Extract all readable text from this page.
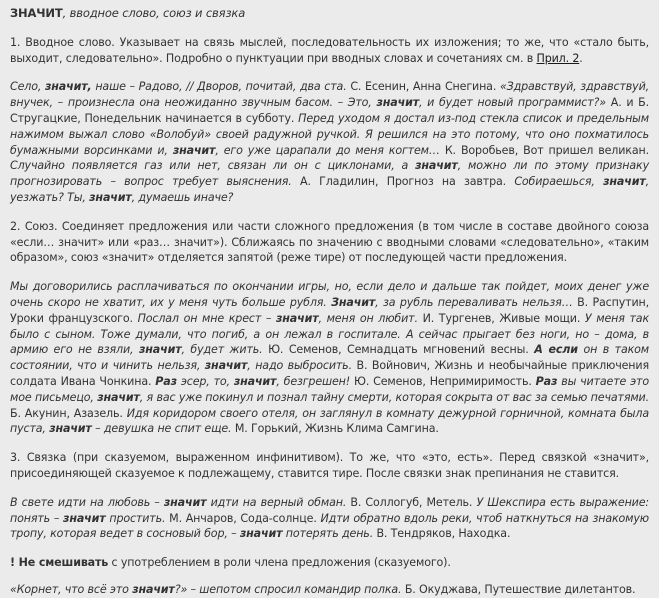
ЗНАЧИТ, вводное слово, союз и связка

1. Вводное слово. Указывает на связь мыслей, последовательность их изложения; то же, что «стало быть, выходит, следовательно». Подробно о пунктуации при вводных словах и сочетаниях см. в Прил. 2.

Село, значит, наше – Радово, // Дворов, почитай, два ста. С. Есенин, Анна Снегина. «Здравствуй, здравствуй, внучек, – произнесла она неожиданно звучным басом. – Это, значит, и будет новый программист?» А. и Б. Стругацкие, Понедельник начинается в субботу. Перед уходом я достал из-под стекла список и предельным нажимом выжал слово «Волобуй» своей радужной ручкой. Я решился на это потому, что оно похматилось бумажными ворсинками и, значит, его уже царапали до меня когтем… К. Воробьев, Вот пришел великан. Случайно появляется газ или нет, связан ли он с циклонами, а значит, можно ли по этому признаку прогнозировать – вопрос требует выяснения. А. Гладилин, Прогноз на завтра. Собираешься, значит, уезжать? Ты, значит, думаешь иначе?

2. Союз. Соединяет предложения или части сложного предложения (в том числе в составе двойного союза «если… значит» или «раз… значит»). Сближаясь по значению с вводными словами «следовательно», «таким образом», союз «значит» отделяется запятой (реже тире) от последующей части предложения.

Мы договорились расплачиваться по окончании игры, но, если дело и дальше так пойдет, моих денег уже очень скоро не хватит, их у меня чуть больше рубля. Значит, за рубль переваливать нельзя… В. Распутин, Уроки французского. Послал он мне крест – значит, меня он любит. И. Тургенев, Живые мощи. У меня так было с сыном. Тоже думали, что погиб, а он лежал в госпитале. А сейчас прыгает без ноги, но – дома, в армию его не взяли, значит, будет жить. Ю. Семенов, Семнадцать мгновений весны. А если он в таком состоянии, что и чинить нельзя, значит, надо выбросить. В. Войнович, Жизнь и необычайные приключения солдата Ивана Чонкина. Раз эсер, то, значит, безгрешен! Ю. Семенов, Непримиримость. Раз вы читаете это мое письмецо, значит, я вас уже покинул и познал тайну смерти, которая сокрыта от вас за семью печатями. Б. Акунин, Азазель. Идя коридором своего отеля, он заглянул в комнату дежурной горничной, комната была пуста, значит – девушка не спит еще. М. Горький, Жизнь Клима Самгина.

3. Связка (при сказуемом, выраженном инфинитивом). То же, что «это, есть». Перед связкой «значит», присоединяющей сказуемое к подлежащему, ставится тире. После связки знак препинания не ставится.

В свете идти на любовь – значит идти на верный обман. В. Соллогуб, Метель. У Шекспира есть выражение: понять – значит простить. М. Анчаров, Сода-солнце. Идти обратно вдоль реки, чтоб наткнуться на знакомую тропу, которая ведет в сосновый бор, – значит потерять день. В. Тендряков, Находка.

! Не смешивать с употреблением в роли члена предложения (сказуемого).

«Корнет, что всё это значит?» – шепотом спросил командир полка. Б. Окуджава, Путешествие дилетантов.
